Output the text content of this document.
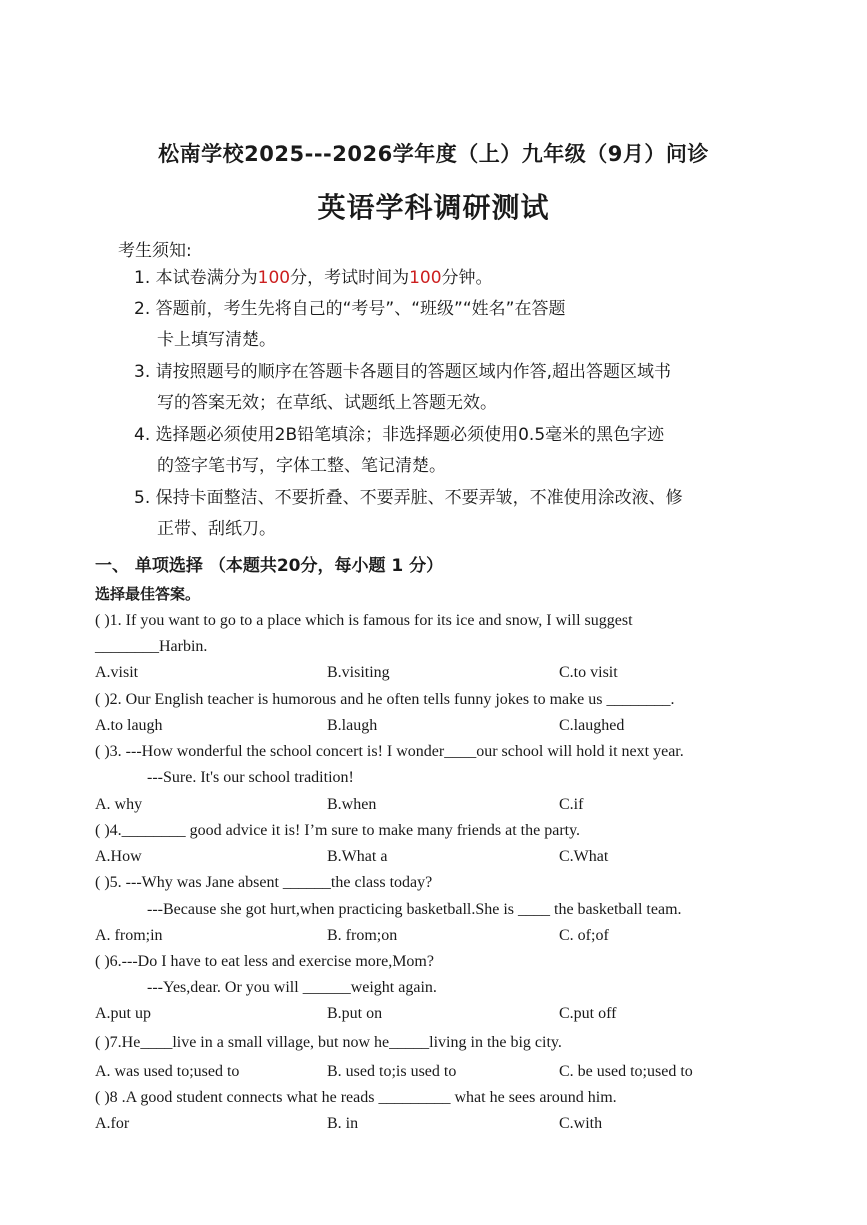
松南学校2025---2026学年度（上）九年级（9月）问诊
英语学科调研测试
考生须知:
1. 本试卷满分为100分，考试时间为100分钟。
2. 答题前，考生先将自己的“考号”、“班级”“姓名”在答题
卡上填写清楚。
3. 请按照题号的顺序在答题卡各题目的答题区域内作答,超出答题区域书
写的答案无效；在草纸、试题纸上答题无效。
4. 选择题必须使用2B铅笔填涂；非选择题必须使用0.5毫米的黑色字迹
的签字笔书写，字体工整、笔记清楚。
5. 保持卡面整洁、不要折叠、不要弄脏、不要弄皱，不准使用涂改液、修
正带、刮纸刀。
一、 单项选择 （本题共20分，每小题 1 分）
选择最佳答案。
( )1. If you want to go to a place which is famous for its ice and snow, I will suggest
________Harbin.
A.visit	B.visiting	C.to visit
( )2. Our English teacher is humorous and he often tells funny jokes to make us ________.
A.to laugh	B.laugh	C.laughed
( )3. ---How wonderful the school concert is! I wonder____our school will hold it next year.
---Sure. It's our school tradition!
A. why	B.when	C.if
( )4.________ good advice it is! I’m sure to make many friends at the party.
A.How	B.What a	C.What
( )5. ---Why was Jane absent ______the class today?
---Because she got hurt,when practicing basketball.She is ____ the basketball team.
A. from;in	B. from;on	C. of;of
( )6.---Do I have to eat less and exercise more,Mom?
---Yes,dear. Or you will ______weight again.
A.put up	B.put on	C.put off
( )7.He____live in a small village, but now he_____living in the big city.
A. was used to;used to	B. used to;is used to	C. be used to;used to
( )8 .A good student connects what he reads _________ what he sees around him.
A.for	B. in	C.with
